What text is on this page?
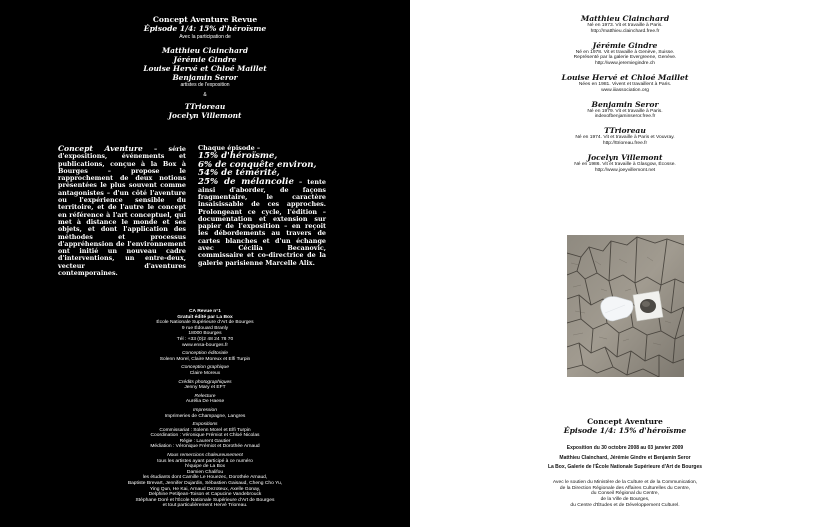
Concept Aventure Revue
Épisode 1/4: 15% d'héroïsme
Avec la participation de
Matthieu Clainchard
Jérémie Gindre
Louise Hervé et Chloé Maillet
Benjamin Seror
artistes de l'exposition
&
TTrioreau
Jocelyn Villemont
Concept Aventure – série d'expositions, événements et publications, conçue à la Box à Bourges – propose le rapprochement de deux notions présentées le plus souvent comme antagonistes – d'un côté l'aventure ou l'expérience sensible du territoire, et de l'autre le concept en référence à l'art conceptuel, qui met à distance le monde et ses objets, et dont l'application des méthodes et processus d'appréhension de l'environnement ont initié un nouveau cadre d'interventions, un entre-deux, vecteur d'aventures contemporaines.
Chaque épisode –
15% d'héroïsme,
6% de conquête environ,
54% de témérité,
25% de mélancolie – tente ainsi d'aborder, de façons fragmentaire, le caractère insaisissable de ces approches. Prolongeant ce cycle, l'édition – documentation et extension sur papier de l'exposition – en reçoit les débordements au travers de cartes blanches et d'un échange avec Cécilia Becanovic, commissaire et co-directrice de la galerie parisienne Marcelle Alix.
CA Revue n°1
Gratuit édité par La Box
École Nationale Supérieure d'Art de Bourges
9 rue Édouard Branly
18000 Bourges
Tél : +33 (0)2 48 24 78 70
www.ensa-bourges.fr
Conception éditoriale
Solenn Morel, Claire Moreux et Elfi Turpin
Conception graphique
Claire Moreux
Crédits photographiques
Jenny Mary et EFT
Relecture
Aurélia De Haese
Impression
Imprimeries de Champagne, Langres
Expositions
Commissariat : Solenn Morel et Elfi Turpin
Coordination : Véronique Frémiot et Chloé Nicolas
Régie : Laurent Gautier
Médiation : Véronique Frémiot et Dorothée Arnaud
Nous remercions chaleureusement
tous les artistes ayant participé à ce numéro
l'équipe de La Box
Damien Chalifou
les étudiants dont Camille Le Houezec, Dorothée Arnaud,
Baptiste Brevart, Jennifer Dujardin, Sébastien Gaisaud, Cheng Cho Yu,
Ying Qun, He Kai, Arnaud Dezoteux, Axelle Gonay,
Delphine Petitjean-Toison et Capucine Vandebrouck
Stéphane Doré et l'École Nationale Supérieure d'Art de Bourges
et tout particulièrement Hervé Trioreau.
Matthieu Clainchard
Né en 1973. Vit et travaille à Paris.
http://matthieu.clainchard.free.fr
Jérémie Gindre
Né en 1978. Vit et travaille à Genève, Suisse.
Représenté par la galerie Evergreene, Genève.
http://www.jeremiegindre.ch
Louise Hervé et Chloé Maillet
Nées en 1981. Vivent et travaillent à Paris.
www.iiiassociation.org
Benjamin Seror
Né en 1979. Vit et travaille à Paris.
indexofbenjaminseror.free.fr
TTrioreau
Né en 1974. Vit et travaille à Paris et Vouvray.
http://ttrioreau.free.fr
Jocelyn Villemont
Né en 1986. Vit et travaille à Glasgow, Écosse.
http://www.joeyvillemont.net
Concept Aventure
Épisode 1/4: 15% d'héroïsme
Exposition du 30 octobre 2008 au 03 janvier 2009
Matthieu Clainchard, Jérémie Gindre et Benjamin Seror
La Box, Galerie de l'École Nationale Supérieure d'Art de Bourges
Avec le soutien du Ministère de la Culture et de la Communication,
de la Direction Régionale des Affaires Culturelles du Centre,
du Conseil Régional du Centre,
de la Ville de Bourges,
du Centre d'Études et de Développement Culturel.
